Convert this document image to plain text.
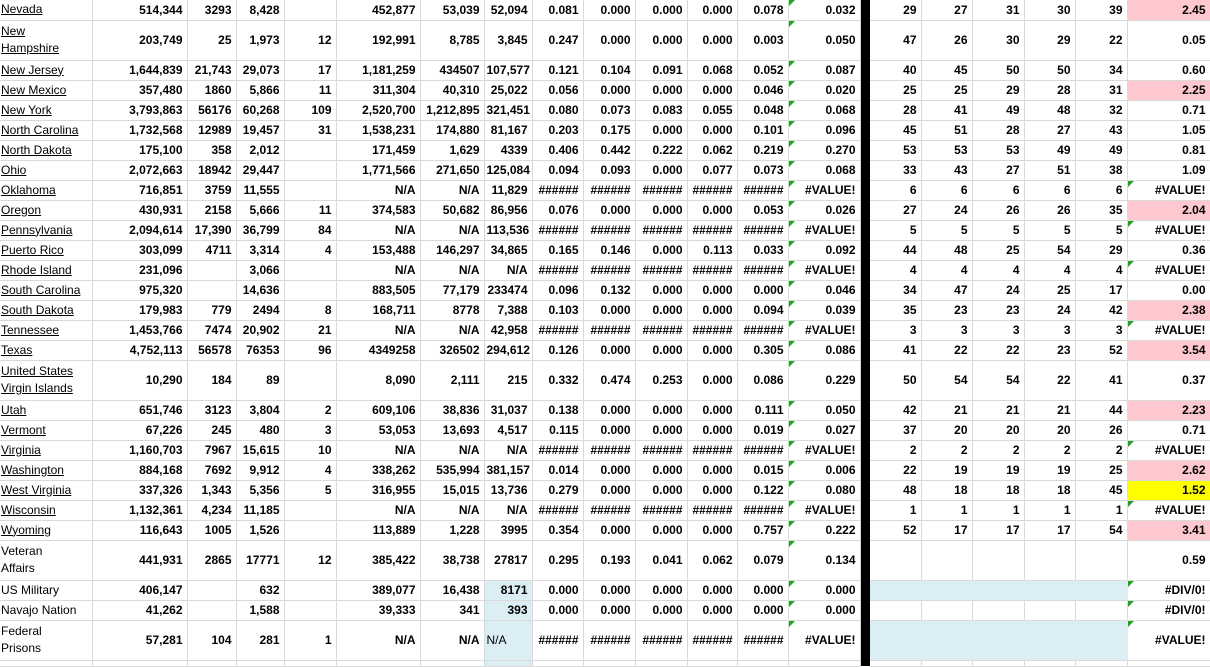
Nevada	514,344	3293	8,428		452,877	53,039	52,094	0.081	0.000	0.000	0.000	0.078	0.032		29	27	31	30	39	2.45

New
Hampshire	203,749	25	1,973	12	192,991	8,785	3,845	0.247	0.000	0.000	0.000	0.003	0.050		47	26	30	29	22	0.05

New Jersey	1,644,839	21,743	29,073	17	1,181,259	434507	107,577	0.121	0.104	0.091	0.068	0.052	0.087		40	45	50	50	34	0.60

New Mexico	357,480	1860	5,866	11	311,304	40,310	25,022	0.056	0.000	0.000	0.000	0.046	0.020		25	25	29	28	31	2.25

New York	3,793,863	56176	60,268	109	2,520,700	1,212,895	321,451	0.080	0.073	0.083	0.055	0.048	0.068		28	41	49	48	32	0.71

North Carolina	1,732,568	12989	19,457	31	1,538,231	174,880	81,167	0.203	0.175	0.000	0.000	0.101	0.096		45	51	28	27	43	1.05

North Dakota	175,100	358	2,012		171,459	1,629	4339	0.406	0.442	0.222	0.062	0.219	0.270		53	53	53	49	49	0.81

Ohio	2,072,663	18942	29,447		1,771,566	271,650	125,084	0.094	0.093	0.000	0.077	0.073	0.068		33	43	27	51	38	1.09

Oklahoma	716,851	3759	11,555		N/A	N/A	11,829	######	######	######	######	######	#VALUE!		6	6	6	6	6	#VALUE!

Oregon	430,931	2158	5,666	11	374,583	50,682	86,956	0.076	0.000	0.000	0.000	0.053	0.026		27	24	26	26	35	2.04

Pennsylvania	2,094,614	17,390	36,799	84	N/A	N/A	113,536	######	######	######	######	######	#VALUE!		5	5	5	5	5	#VALUE!

Puerto Rico	303,099	4711	3,314	4	153,488	146,297	34,865	0.165	0.146	0.000	0.113	0.033	0.092		44	48	25	54	29	0.36

Rhode Island	231,096		3,066		N/A	N/A	N/A	######	######	######	######	######	#VALUE!		4	4	4	4	4	#VALUE!

South Carolina	975,320		14,636		883,505	77,179	233474	0.096	0.132	0.000	0.000	0.000	0.046		34	47	24	25	17	0.00

South Dakota	179,983	779	2494	8	168,711	8778	7,388	0.103	0.000	0.000	0.000	0.094	0.039		35	23	23	24	42	2.38

Tennessee	1,453,766	7474	20,902	21	N/A	N/A	42,958	######	######	######	######	######	#VALUE!		3	3	3	3	3	#VALUE!

Texas	4,752,113	56578	76353	96	4349258	326502	294,612	0.126	0.000	0.000	0.000	0.305	0.086		41	22	22	23	52	3.54

United States
Virgin Islands	10,290	184	89		8,090	2,111	215	0.332	0.474	0.253	0.000	0.086	0.229		50	54	54	22	41	0.37

Utah	651,746	3123	3,804	2	609,106	38,836	31,037	0.138	0.000	0.000	0.000	0.111	0.050		42	21	21	21	44	2.23

Vermont	67,226	245	480	3	53,053	13,693	4,517	0.115	0.000	0.000	0.000	0.019	0.027		37	20	20	20	26	0.71

Virginia	1,160,703	7967	15,615	10	N/A	N/A	N/A	######	######	######	######	######	#VALUE!		2	2	2	2	2	#VALUE!

Washington	884,168	7692	9,912	4	338,262	535,994	381,157	0.014	0.000	0.000	0.000	0.015	0.006		22	19	19	19	25	2.62

West Virginia	337,326	1,343	5,356	5	316,955	15,015	13,736	0.279	0.000	0.000	0.000	0.122	0.080		48	18	18	18	45	1.52

Wisconsin	1,132,361	4,234	11,185		N/A	N/A	N/A	######	######	######	######	######	#VALUE!		1	1	1	1	1	#VALUE!

Wyoming	116,643	1005	1,526		113,889	1,228	3995	0.354	0.000	0.000	0.000	0.757	0.222		52	17	17	17	54	3.41

Veteran
Affairs	441,931	2865	17771	12	385,422	38,738	27817	0.295	0.193	0.041	0.062	0.079	0.134							0.59

US Military	406,147		632		389,077	16,438	8171	0.000	0.000	0.000	0.000	0.000	0.000							#DIV/0!

Navajo Nation	41,262		1,588		39,333	341	393	0.000	0.000	0.000	0.000	0.000	0.000							#DIV/0!

Federal
Prisons	57,281	104	281	1	N/A	N/A	N/A	######	######	######	######	######	#VALUE!							#VALUE!
